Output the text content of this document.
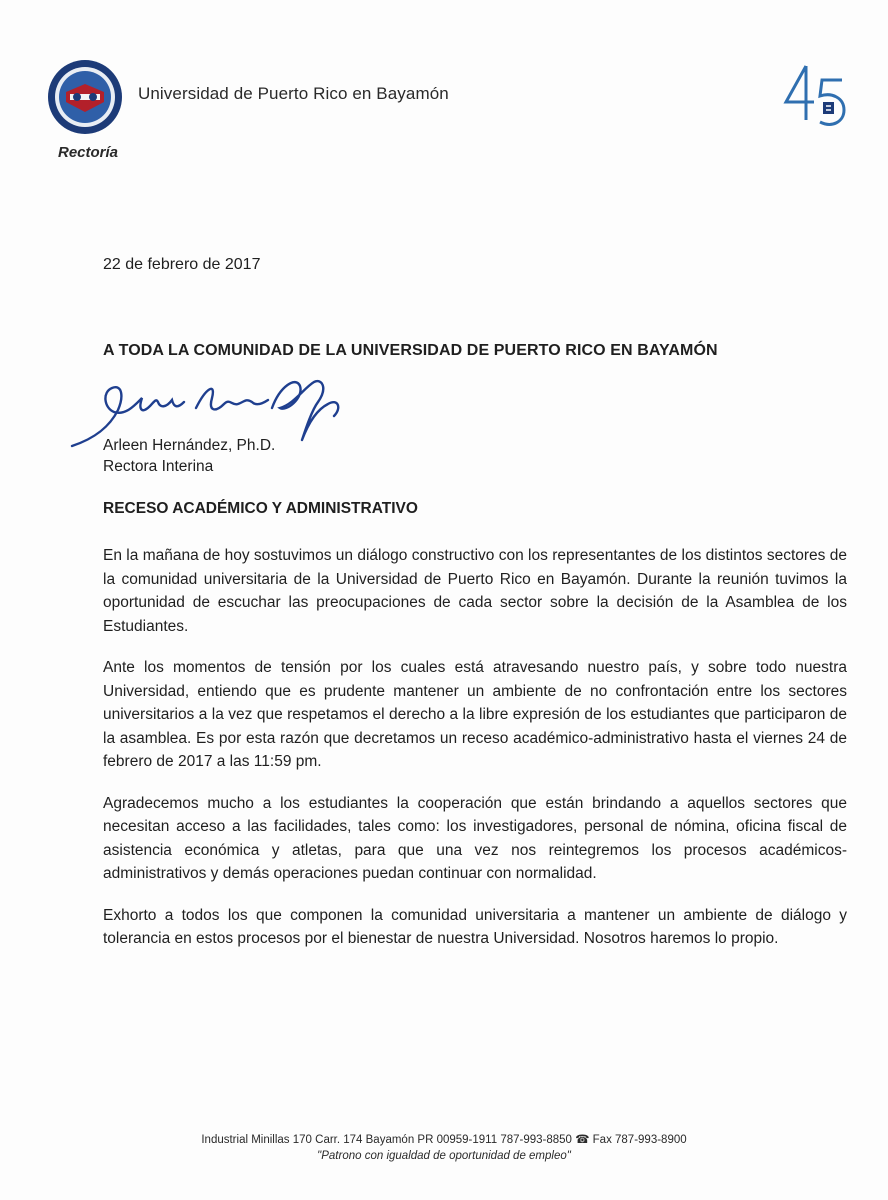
Universidad de Puerto Rico en Bayamón
Rectoría
22 de febrero de 2017
A TODA LA COMUNIDAD DE LA UNIVERSIDAD DE PUERTO RICO EN BAYAMÓN
Arleen Hernández, Ph.D.
Rectora Interina
RECESO ACADÉMICO Y ADMINISTRATIVO

En la mañana de hoy sostuvimos un diálogo constructivo con los representantes de los distintos sectores de la comunidad universitaria de la Universidad de Puerto Rico en Bayamón. Durante la reunión tuvimos la oportunidad de escuchar las preocupaciones de cada sector sobre la decisión de la Asamblea de los Estudiantes.

Ante los momentos de tensión por los cuales está atravesando nuestro país, y sobre todo nuestra Universidad, entiendo que es prudente mantener un ambiente de no confrontación entre los sectores universitarios a la vez que respetamos el derecho a la libre expresión de los estudiantes que participaron de la asamblea. Es por esta razón que decretamos un receso académico-administrativo hasta el viernes 24 de febrero de 2017 a las 11:59 pm.

Agradecemos mucho a los estudiantes la cooperación que están brindando a aquellos sectores que necesitan acceso a las facilidades, tales como: los investigadores, personal de nómina, oficina fiscal de asistencia económica y atletas, para que una vez nos reintegremos los procesos académicos-administrativos y demás operaciones puedan continuar con normalidad.

Exhorto a todos los que componen la comunidad universitaria a mantener un ambiente de diálogo y tolerancia en estos procesos por el bienestar de nuestra Universidad. Nosotros haremos lo propio.

Industrial Minillas 170 Carr. 174 Bayamón PR 00959-1911 787-993-8850 ☎ Fax 787-993-8900
"Patrono con igualdad de oportunidad de empleo"
